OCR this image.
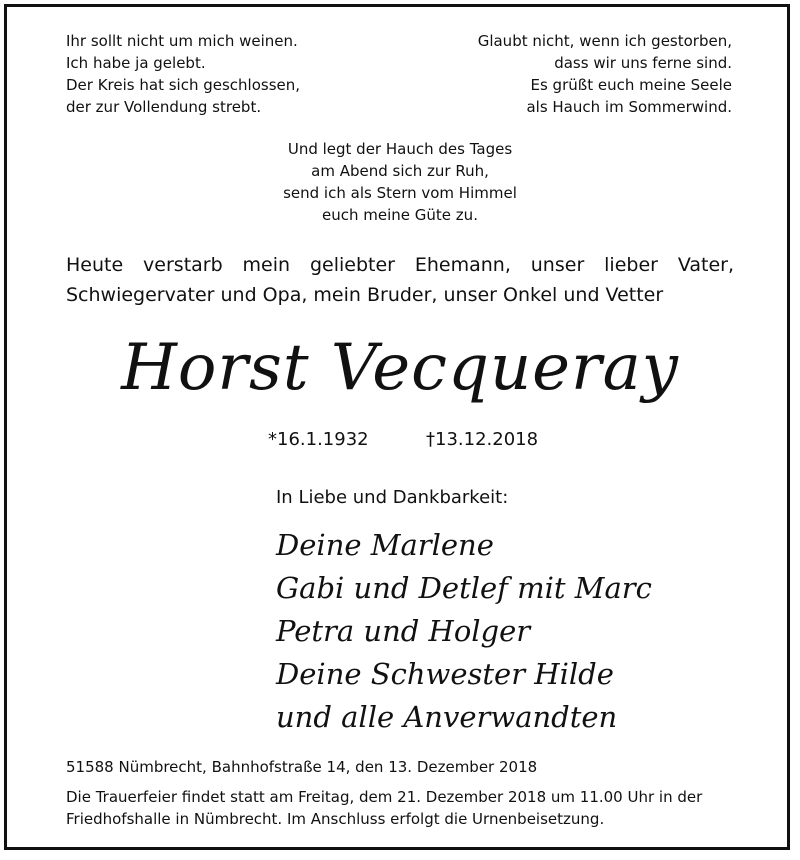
Ihr sollt nicht um mich weinen.
Ich habe ja gelebt.
Der Kreis hat sich geschlossen,
der zur Vollendung strebt.
Glaubt nicht, wenn ich gestorben,
dass wir uns ferne sind.
Es grüßt euch meine Seele
als Hauch im Sommerwind.
Und legt der Hauch des Tages
am Abend sich zur Ruh,
send ich als Stern vom Himmel
euch meine Güte zu.
Heute verstarb mein geliebter Ehemann, unser lieber Vater,
Schwiegervater und Opa, mein Bruder, unser Onkel und Vetter
Horst Vecqueray
*16.1.1932	†13.12.2018
In Liebe und Dankbarkeit:
Deine Marlene
Gabi und Detlef mit Marc
Petra und Holger
Deine Schwester Hilde
und alle Anverwandten
51588 Nümbrecht, Bahnhofstraße 14, den 13. Dezember 2018
Die Trauerfeier findet statt am Freitag, dem 21. Dezember 2018 um 11.00 Uhr in der
Friedhofshalle in Nümbrecht. Im Anschluss erfolgt die Urnenbeisetzung.
